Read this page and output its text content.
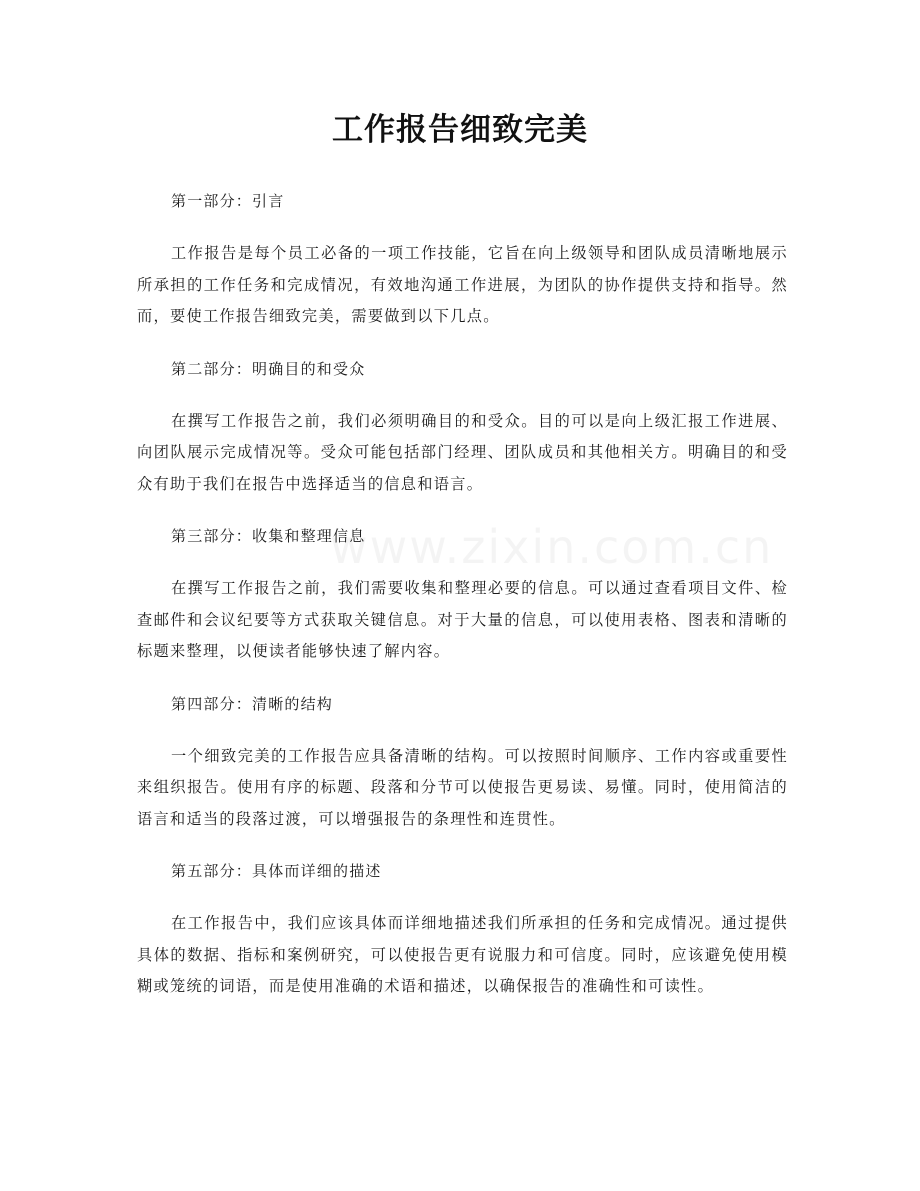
工作报告细致完美
第一部分：引言

工作报告是每个员工必备的一项工作技能，它旨在向上级领导和团队成员清晰地展示所承担的工作任务和完成情况，有效地沟通工作进展，为团队的协作提供支持和指导。然而，要使工作报告细致完美，需要做到以下几点。

第二部分：明确目的和受众

在撰写工作报告之前，我们必须明确目的和受众。目的可以是向上级汇报工作进展、向团队展示完成情况等。受众可能包括部门经理、团队成员和其他相关方。明确目的和受众有助于我们在报告中选择适当的信息和语言。

第三部分：收集和整理信息

在撰写工作报告之前，我们需要收集和整理必要的信息。可以通过查看项目文件、检查邮件和会议纪要等方式获取关键信息。对于大量的信息，可以使用表格、图表和清晰的标题来整理，以便读者能够快速了解内容。

第四部分：清晰的结构

一个细致完美的工作报告应具备清晰的结构。可以按照时间顺序、工作内容或重要性来组织报告。使用有序的标题、段落和分节可以使报告更易读、易懂。同时，使用简洁的语言和适当的段落过渡，可以增强报告的条理性和连贯性。

第五部分：具体而详细的描述

在工作报告中，我们应该具体而详细地描述我们所承担的任务和完成情况。通过提供具体的数据、指标和案例研究，可以使报告更有说服力和可信度。同时，应该避免使用模糊或笼统的词语，而是使用准确的术语和描述，以确保报告的准确性和可读性。
